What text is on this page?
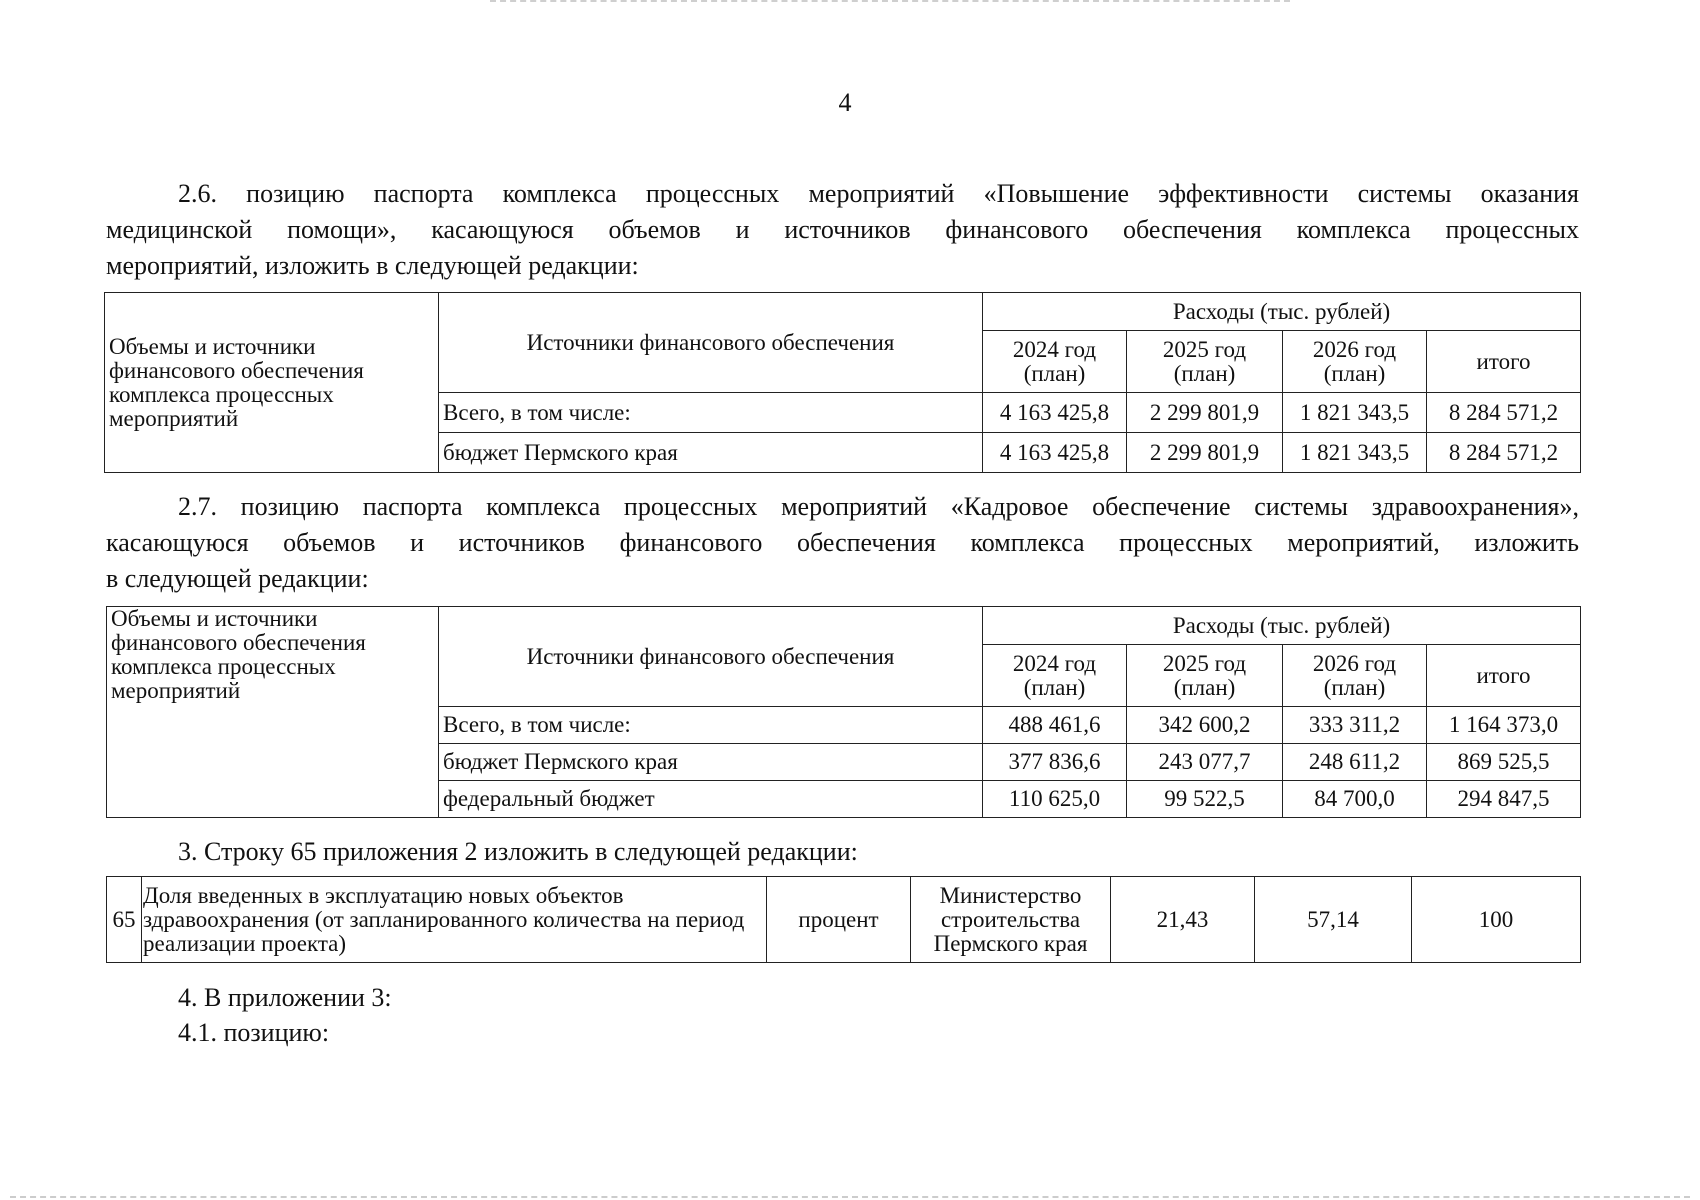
4

2.6. позицию паспорта комплекса процессных мероприятий «Повышение эффективности системы оказания
медицинской помощи», касающуюся объемов и источников финансового обеспечения комплекса процессных
мероприятий, изложить в следующей редакции:

Объемы и источники финансового обеспечения комплекса процессных мероприятий	Источники финансового обеспечения	Расходы (тыс. рублей)			
		2024 год (план)	2025 год (план)	2026 год (план)	итого
	Всего, в том числе:	4 163 425,8	2 299 801,9	1 821 343,5	8 284 571,2
	бюджет Пермского края	4 163 425,8	2 299 801,9	1 821 343,5	8 284 571,2

2.7. позицию паспорта комплекса процессных мероприятий «Кадровое обеспечение системы здравоохранения»,
касающуюся объемов и источников финансового обеспечения комплекса процессных мероприятий, изложить
в следующей редакции:

Объемы и источники финансового обеспечения комплекса процессных мероприятий	Источники финансового обеспечения	Расходы (тыс. рублей)			
		2024 год (план)	2025 год (план)	2026 год (план)	итого
	Всего, в том числе:	488 461,6	342 600,2	333 311,2	1 164 373,0
	бюджет Пермского края	377 836,6	243 077,7	248 611,2	869 525,5
	федеральный бюджет	110 625,0	99 522,5	84 700,0	294 847,5
3. Строку 65 приложения 2 изложить в следующей редакции:
65	Доля введенных в эксплуатацию новых объектов здравоохранения (от запланированного количества на период реализации проекта)	процент	Министерство строительства Пермского края	21,43	57,14	100
4. В приложении 3:
4.1. позицию:
